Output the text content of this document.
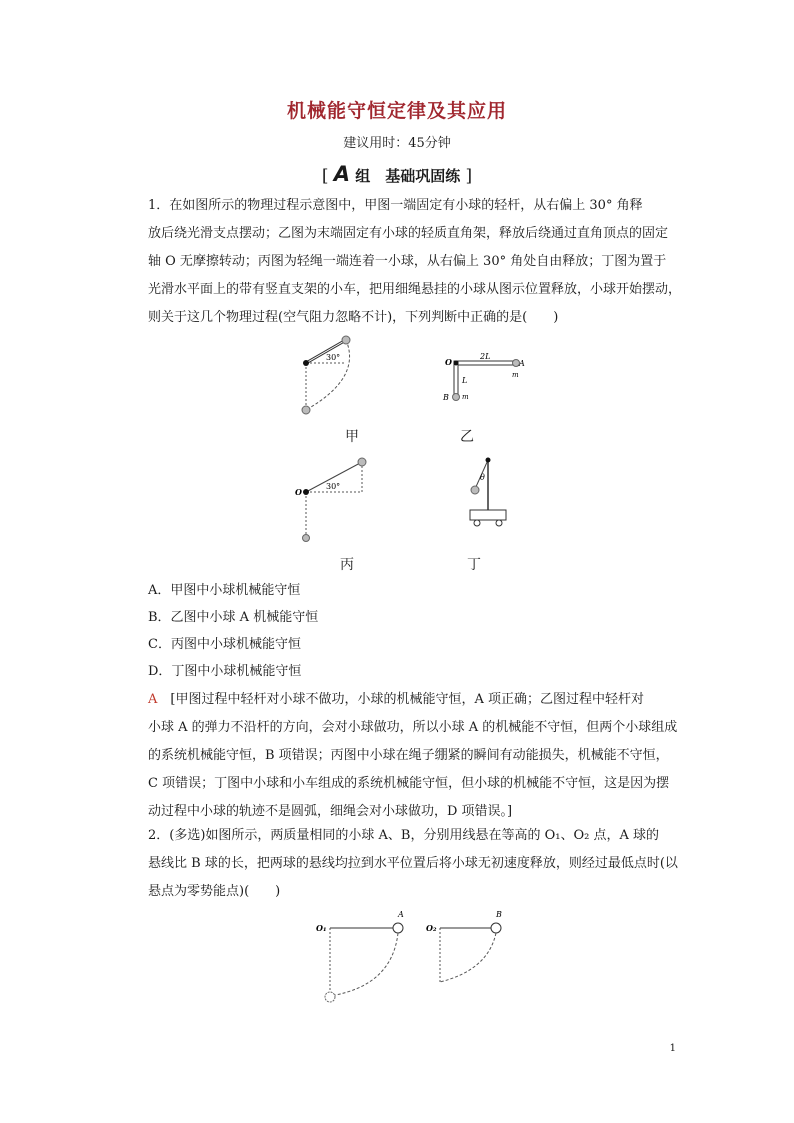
机械能守恒定律及其应用
建议用时：45分钟
[ A 组　基础巩固练 ]
1．在如图所示的物理过程示意图中，甲图一端固定有小球的轻杆，从右偏上 30° 角释
放后绕光滑支点摆动；乙图为末端固定有小球的轻质直角架，释放后绕通过直角顶点的固定
轴 O 无摩擦转动；丙图为轻绳一端连着一小球，从右偏上 30° 角处自由释放；丁图为置于
光滑水平面上的带有竖直支架的小车，把用细绳悬挂的小球从图示位置释放，小球开始摆动，
则关于这几个物理过程(空气阻力忽略不计)，下列判断中正确的是(　　)
30°
甲
O
2L
A
m
L
B m
乙
O
30°
丙
θ
丁
A．甲图中小球机械能守恒
B．乙图中小球 A 机械能守恒
C．丙图中小球机械能守恒
D．丁图中小球机械能守恒
A　[甲图过程中轻杆对小球不做功，小球的机械能守恒，A 项正确；乙图过程中轻杆对
小球 A 的弹力不沿杆的方向，会对小球做功，所以小球 A 的机械能不守恒，但两个小球组成
的系统机械能守恒，B 项错误；丙图中小球在绳子绷紧的瞬间有动能损失，机械能不守恒，
C 项错误；丁图中小球和小车组成的系统机械能守恒，但小球的机械能不守恒，这是因为摆
动过程中小球的轨迹不是圆弧，细绳会对小球做功，D 项错误。]
2．(多选)如图所示，两质量相同的小球 A、B，分别用线悬在等高的 O₁、O₂ 点，A 球的
悬线比 B 球的长，把两球的悬线均拉到水平位置后将小球无初速度释放，则经过最低点时(以
悬点为零势能点)(　　)
O₁
A
O₂
B
1
